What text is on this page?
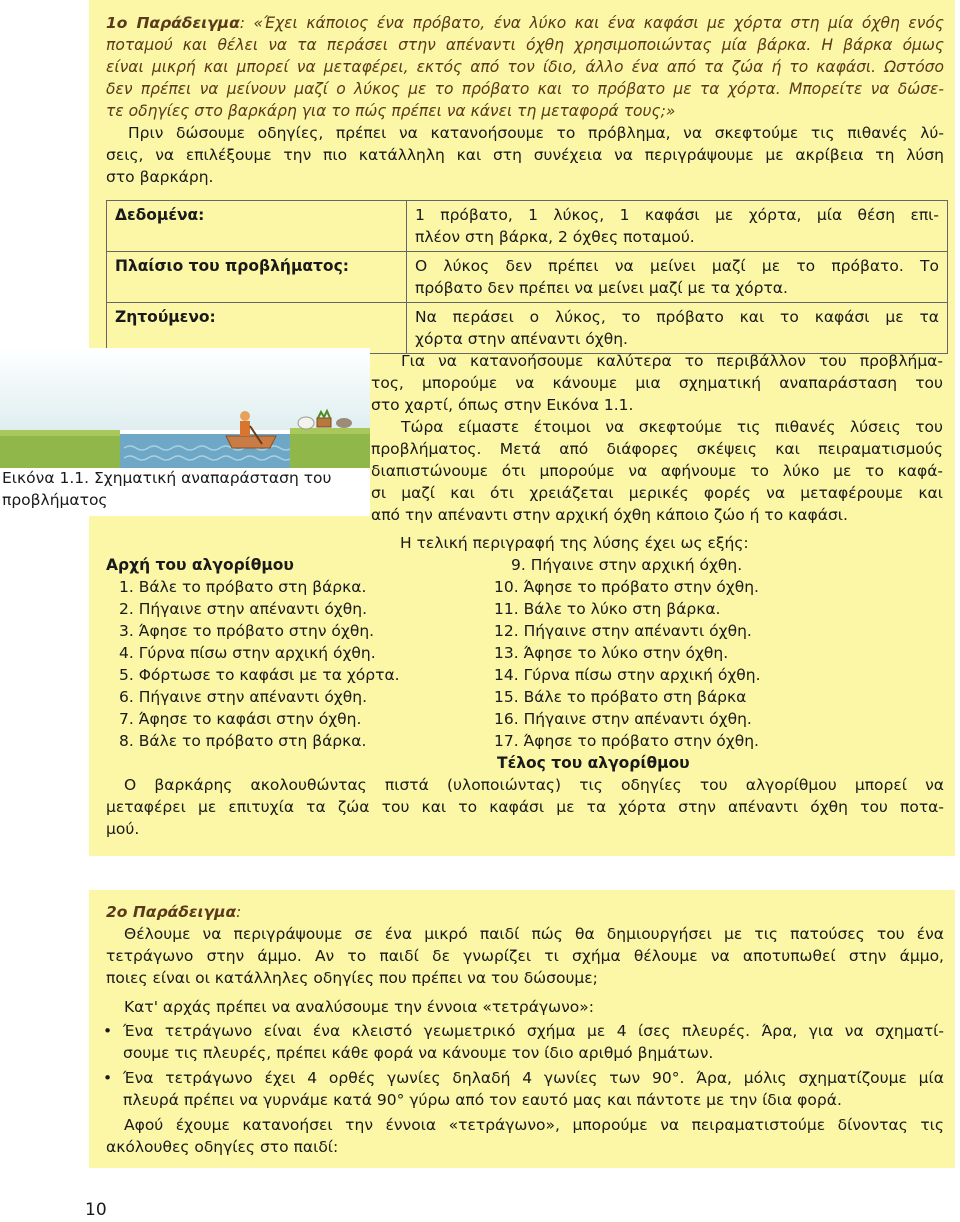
1ο Παράδειγμα: «Έχει κάποιος ένα πρόβατο, ένα λύκο και ένα καφάσι με χόρτα στη μία όχθη ενός
ποταμού και θέλει να τα περάσει στην απέναντι όχθη χρησιμοποιώντας μία βάρκα. Η βάρκα όμως
είναι μικρή και μπορεί να μεταφέρει, εκτός από τον ίδιο, άλλο ένα από τα ζώα ή το καφάσι. Ωστόσο
δεν πρέπει να μείνουν μαζί ο λύκος με το πρόβατο και το πρόβατο με τα χόρτα. Μπορείτε να δώσε-
τε οδηγίες στο βαρκάρη για το πώς πρέπει να κάνει τη μεταφορά τους;»
Πριν δώσουμε οδηγίες, πρέπει να κατανοήσουμε το πρόβλημα, να σκεφτούμε τις πιθανές λύ-
σεις, να επιλέξουμε την πιο κατάλληλη και στη συνέχεια να περιγράψουμε με ακρίβεια τη λύση
στο βαρκάρη.
Δεδομένα:	1 πρόβατο, 1 λύκος, 1 καφάσι με χόρτα, μία θέση επι-
πλέον στη βάρκα, 2 όχθες ποταμού.

Πλαίσιο του προβλήματος:	Ο λύκος δεν πρέπει να μείνει μαζί με το πρόβατο. Το
πρόβατο δεν πρέπει να μείνει μαζί με τα χόρτα.

Ζητούμενο:	Να περάσει ο λύκος, το πρόβατο και το καφάσι με τα
χόρτα στην απέναντι όχθη.
Για να κατανοήσουμε καλύτερα το περιβάλλον του προβλήμα-
τος, μπορούμε να κάνουμε μια σχηματική αναπαράσταση του
στο χαρτί, όπως στην Εικόνα 1.1.
Τώρα είμαστε έτοιμοι να σκεφτούμε τις πιθανές λύσεις του
προβλήματος. Μετά από διάφορες σκέψεις και πειραματισμούς
διαπιστώνουμε ότι μπορούμε να αφήνουμε το λύκο με το καφά-
σι μαζί και ότι χρειάζεται μερικές φορές να μεταφέρουμε και
από την απέναντι στην αρχική όχθη κάποιο ζώο ή το καφάσι.
Η τελική περιγραφή της λύσης έχει ως εξής:
Αρχή του αλγορίθμου
1. Βάλε το πρόβατο στη βάρκα.
2. Πήγαινε στην απέναντι όχθη.
3. Άφησε το πρόβατο στην όχθη.
4. Γύρνα πίσω στην αρχική όχθη.
5. Φόρτωσε το καφάσι με τα χόρτα.
6. Πήγαινε στην απέναντι όχθη.
7. Άφησε το καφάσι στην όχθη.
8. Βάλε το πρόβατο στη βάρκα.
9. Πήγαινε στην αρχική όχθη.
10. Άφησε το πρόβατο στην όχθη.
11. Βάλε το λύκο στη βάρκα.
12. Πήγαινε στην απέναντι όχθη.
13. Άφησε το λύκο στην όχθη.
14. Γύρνα πίσω στην αρχική όχθη.
15. Βάλε το πρόβατο στη βάρκα
16. Πήγαινε στην απέναντι όχθη.
17. Άφησε το πρόβατο στην όχθη.
Τέλος του αλγορίθμου
Ο βαρκάρης ακολουθώντας πιστά (υλοποιώντας) τις οδηγίες του αλγορίθμου μπορεί να
μεταφέρει με επιτυχία τα ζώα του και το καφάσι με τα χόρτα στην απέναντι όχθη του ποτα-
μού.
Εικόνα 1.1. Σχηματική αναπαράσταση του
προβλήματος
2ο Παράδειγμα:
Θέλουμε να περιγράψουμε σε ένα μικρό παιδί πώς θα δημιουργήσει με τις πατούσες του ένα
τετράγωνο στην άμμο. Αν το παιδί δε γνωρίζει τι σχήμα θέλουμε να αποτυπωθεί στην άμμο,
ποιες είναι οι κατάλληλες οδηγίες που πρέπει να του δώσουμε;
Κατ' αρχάς πρέπει να αναλύσουμε την έννοια «τετράγωνο»:
• Ένα τετράγωνο είναι ένα κλειστό γεωμετρικό σχήμα με 4 ίσες πλευρές. Άρα, για να σχηματί-
σουμε τις πλευρές, πρέπει κάθε φορά να κάνουμε τον ίδιο αριθμό βημάτων.
• Ένα τετράγωνο έχει 4 ορθές γωνίες δηλαδή 4 γωνίες των 90°. Άρα, μόλις σχηματίζουμε μία
πλευρά πρέπει να γυρνάμε κατά 90° γύρω από τον εαυτό μας και πάντοτε με την ίδια φορά.
Αφού έχουμε κατανοήσει την έννοια «τετράγωνο», μπορούμε να πειραματιστούμε δίνοντας τις
ακόλουθες οδηγίες στο παιδί:
10
